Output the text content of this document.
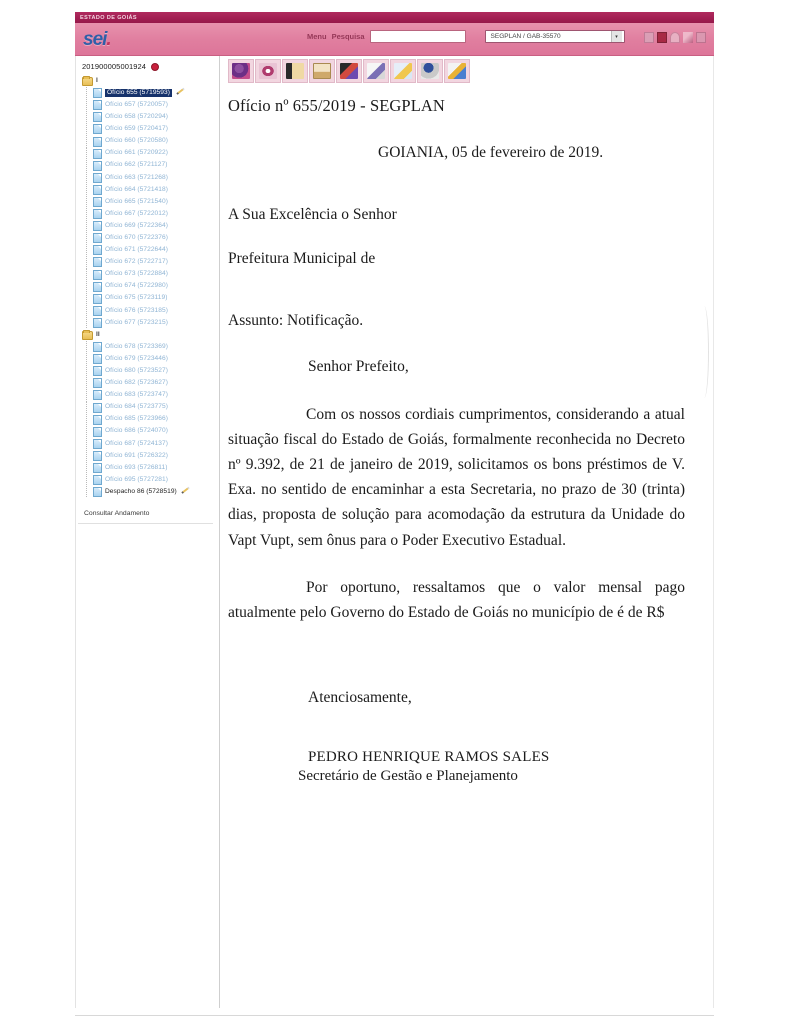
ESTADO DE GOIÁS
sei.	Menu Pesquisa	SEGPLAN / GAB-35570	▾
201900005001924
I
Ofício 655 (5719593)
Ofício 657 (5720057)
Ofício 658 (5720294)
Ofício 659 (5720417)
Ofício 660 (5720580)
Ofício 661 (5720922)
Ofício 662 (5721127)
Ofício 663 (5721268)
Ofício 664 (5721418)
Ofício 665 (5721540)
Ofício 667 (5722012)
Ofício 669 (5722364)
Ofício 670 (5722376)
Ofício 671 (5722644)
Ofício 672 (5722717)
Ofício 673 (5722884)
Ofício 674 (5722980)
Ofício 675 (5723119)
Ofício 676 (5723185)
Ofício 677 (5723215)
II
Ofício 678 (5723369)
Ofício 679 (5723446)
Ofício 680 (5723527)
Ofício 682 (5723627)
Ofício 683 (5723747)
Ofício 684 (5723775)
Ofício 685 (5723966)
Ofício 686 (5724070)
Ofício 687 (5724137)
Ofício 691 (5726322)
Ofício 693 (5726811)
Ofício 695 (5727281)
Despacho 86 (5728519)
Consultar Andamento
Ofício nº 655/2019 - SEGPLAN
GOIANIA, 05 de fevereiro de 2019.
A Sua Excelência o Senhor
Prefeitura Municipal de
Assunto: Notificação.
Senhor Prefeito,
Com os nossos cordiais cumprimentos, considerando a atual situação fiscal do Estado de Goiás, formalmente reconhecida no Decreto nº 9.392, de 21 de janeiro de 2019, solicitamos os bons préstimos de V. Exa. no sentido de encaminhar a esta Secretaria, no prazo de 30 (trinta) dias, proposta de solução para acomodação da estrutura da Unidade do Vapt Vupt, sem ônus para o Poder Executivo Estadual.
Por oportuno, ressaltamos que o valor mensal pago atualmente pelo Governo do Estado de Goiás no município de é de R$
Atenciosamente,
PEDRO HENRIQUE RAMOS SALES
Secretário de Gestão e Planejamento
